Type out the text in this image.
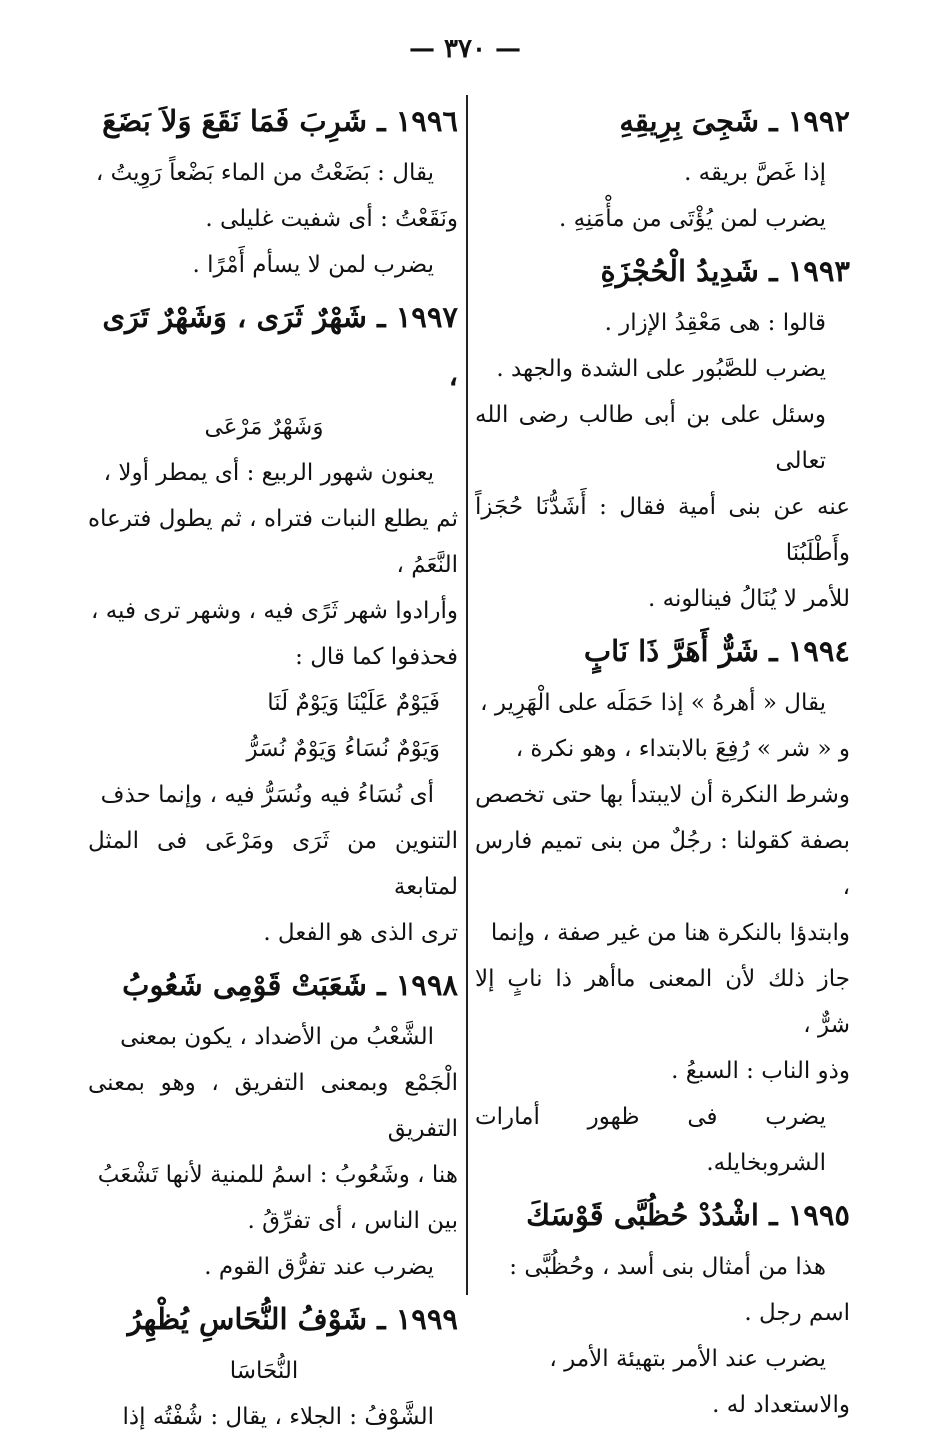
— ٣٧٠ —
١٩٩٢ ـ شَجِىَ بِرِيقِهِ
إذا غَصَّ بريقه .
يضرب لمن يُؤْتَى من مأْمَنِهِ .
١٩٩٣ ـ شَدِيدُ الْحُجْزَةِ
قالوا : هى مَعْقِدُ الإزار .
يضرب للصَّبُور على الشدة والجهد .
وسئل على بن أبى طالب رضى الله تعالى
عنه عن بنى أمية فقال : أَشَدُّنَا حُجَزاً وأَطْلَبُنَا
للأمر لا يُنَالُ فينالونه .
١٩٩٤ ـ شَرٌّ أَهَرَّ ذَا نَابٍ
يقال « أهرهُ » إذا حَمَلَه على الْهَرِير ،
و « شر » رُفِعَ بالابتداء ، وهو نكرة ،
وشرط النكرة أن لايبتدأ بها حتى تخصص
بصفة كقولنا : رجُلٌ من بنى تميم فارس ،
وابتدؤا بالنكرة هنا من غير صفة ، وإنما
جاز ذلك لأن المعنى ماأهر ذا نابٍ إلا شرٌّ ،
وذو الناب : السبعُ .
يضرب فى ظهور أمارات الشروبخايله.
١٩٩٥ ـ اشْدُدْ حُظُبَّى قَوْسَكَ
هذا من أمثال بنى أسد ، وحُظُبَّى :
اسم رجل .
يضرب عند الأمر بتهيئة الأمر ،
والاستعداد له .
١٩٩٦ ـ شَرِبَ فَمَا نَقَعَ وَلاَ بَضَعَ
يقال : بَضَعْتُ من الماء بَضْعاً رَوِيتُ ،
ونَقَعْتُ : أى شفيت غليلى .
يضرب لمن لا يسأم أَمْرًا .
١٩٩٧ ـ شَهْرٌ ثَرَى ، وَشَهْرٌ تَرَى ،
وَشَهْرٌ مَرْعَى
يعنون شهور الربيع : أى يمطر أولا ،
ثم يطلع النبات فتراه ، ثم يطول فترعاه النَّعَمُ ،
وأرادوا شهر ثَرًى فيه ، وشهر ترى فيه ،
فحذفوا كما قال :
فَيَوْمٌ عَلَيْنَا وَيَوْمٌ لَنَا
وَيَوْمٌ نُسَاءُ وَيَوْمٌ نُسَرُّ
أى نُسَاءُ فيه ونُسَرُّ فيه ، وإنما حذف
التنوين من ثَرَى ومَرْعَى فى المثل لمتابعة
ترى الذى هو الفعل .
١٩٩٨ ـ شَعَبَتْ قَوْمِى شَعُوبُ
الشَّعْبُ من الأضداد ، يكون بمعنى
الْجَمْع وبمعنى التفريق ، وهو بمعنى التفريق
هنا ، وشَعُوبُ : اسمُ للمنية لأنها تَشْعَبُ
بين الناس ، أى تفرِّقُ .
يضرب عند تفرُّق القوم .
١٩٩٩ ـ شَوْفُ النُّحَاسِ يُظْهِرُ
النُّحَاسَا
الشَّوْفُ : الجلاء ، يقال : شُفْتُه إذا
